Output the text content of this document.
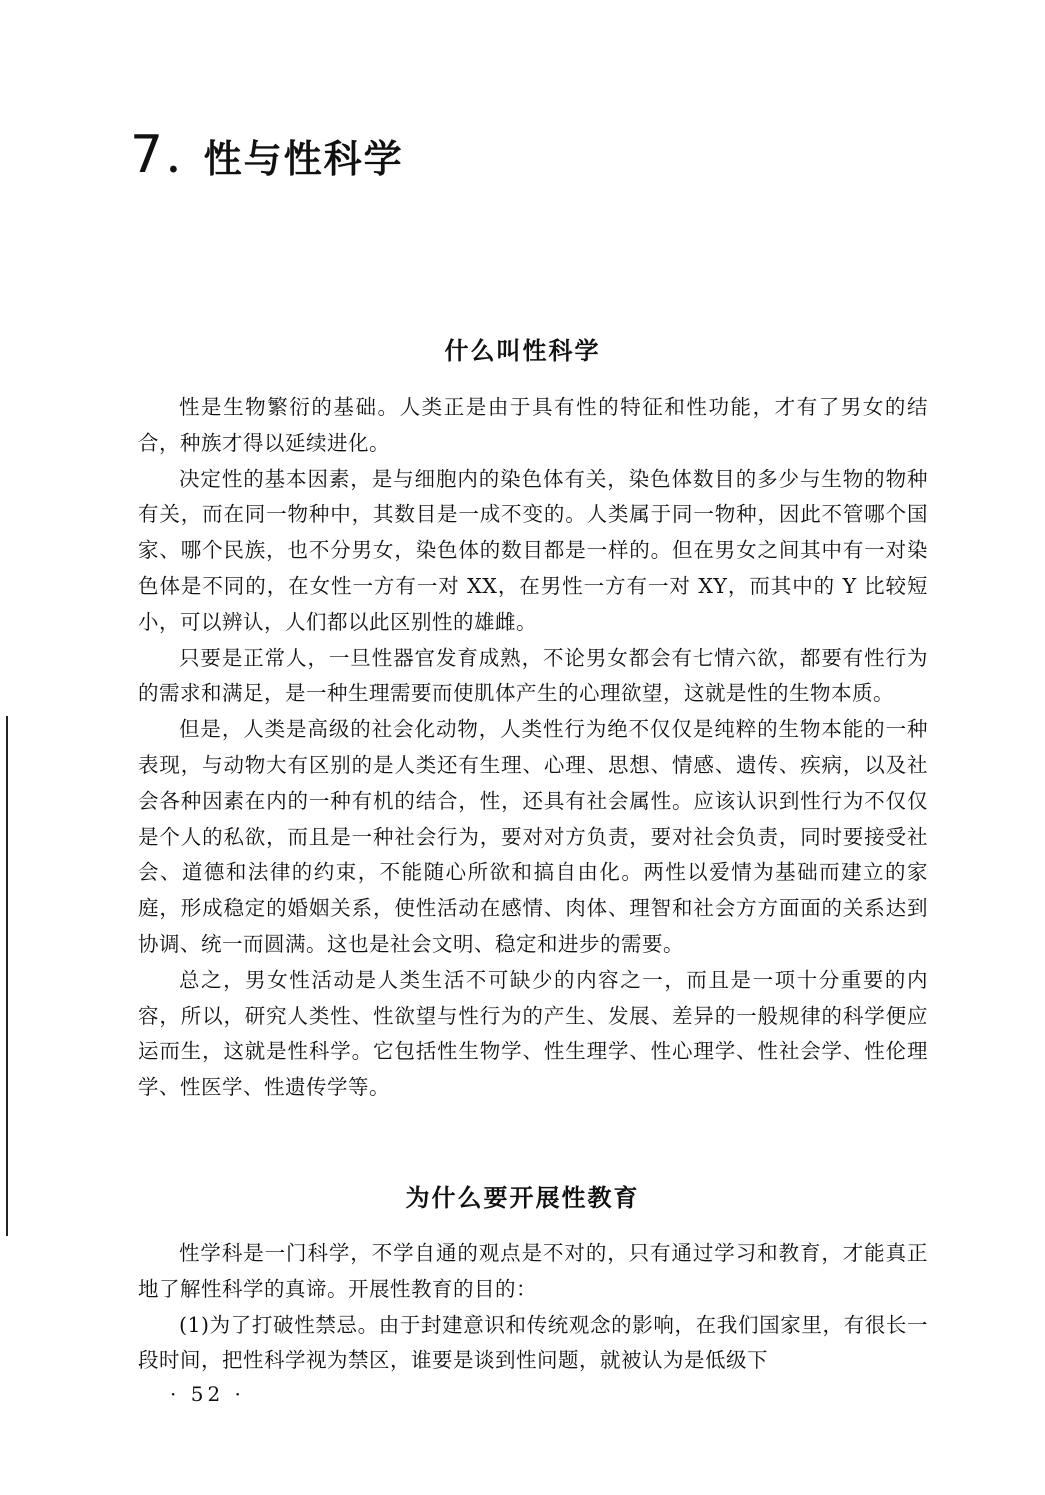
7 . 性与性科学
什么叫性科学

性是生物繁衍的基础。人类正是由于具有性的特征和性功能，才有了男女的结合，种族才得以延续进化。

决定性的基本因素，是与细胞内的染色体有关，染色体数目的多少与生物的物种有关，而在同一物种中，其数目是一成不变的。人类属于同一物种，因此不管哪个国家、哪个民族，也不分男女，染色体的数目都是一样的。但在男女之间其中有一对染色体是不同的，在女性一方有一对 XX，在男性一方有一对 XY，而其中的 Y 比较短小，可以辨认，人们都以此区别性的雄雌。

只要是正常人，一旦性器官发育成熟，不论男女都会有七情六欲，都要有性行为的需求和满足，是一种生理需要而使肌体产生的心理欲望，这就是性的生物本质。

但是，人类是高级的社会化动物，人类性行为绝不仅仅是纯粹的生物本能的一种表现，与动物大有区别的是人类还有生理、心理、思想、情感、遗传、疾病，以及社会各种因素在内的一种有机的结合，性，还具有社会属性。应该认识到性行为不仅仅是个人的私欲，而且是一种社会行为，要对对方负责，要对社会负责，同时要接受社会、道德和法律的约束，不能随心所欲和搞自由化。两性以爱情为基础而建立的家庭，形成稳定的婚姻关系，使性活动在感情、肉体、理智和社会方方面面的关系达到协调、统一而圆满。这也是社会文明、稳定和进步的需要。

总之，男女性活动是人类生活不可缺少的内容之一，而且是一项十分重要的内容，所以，研究人类性、性欲望与性行为的产生、发展、差异的一般规律的科学便应运而生，这就是性科学。它包括性生物学、性生理学、性心理学、性社会学、性伦理学、性医学、性遗传学等。

为什么要开展性教育

性学科是一门科学，不学自通的观点是不对的，只有通过学习和教育，才能真正地了解性科学的真谛。开展性教育的目的：

(1)为了打破性禁忌。由于封建意识和传统观念的影响，在我们国家里，有很长一段时间，把性科学视为禁区，谁要是谈到性问题，就被认为是低级下

· 52 ·
